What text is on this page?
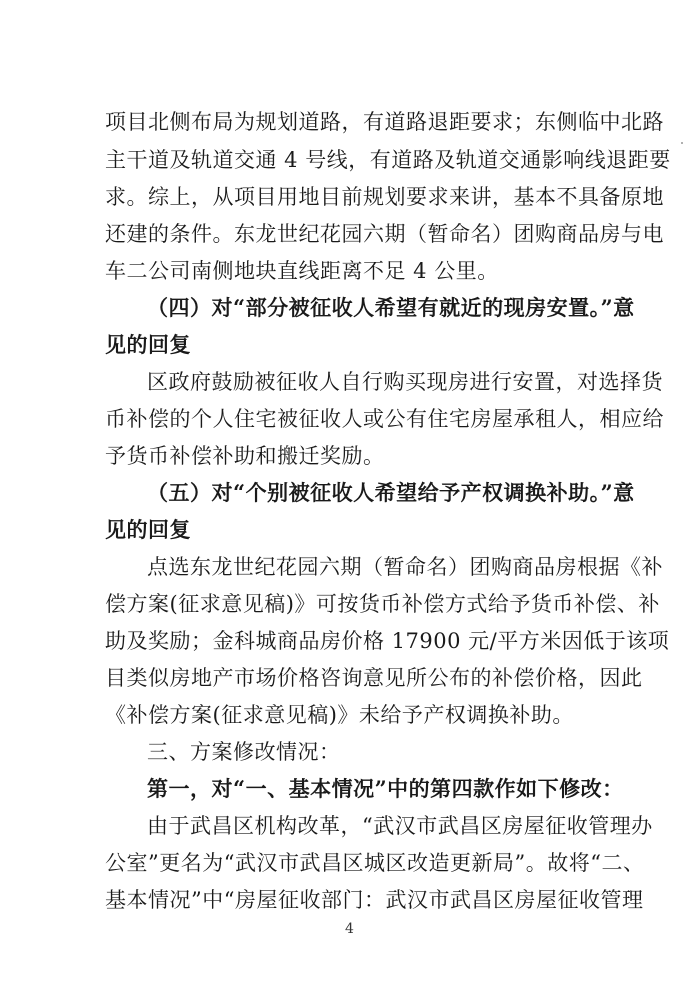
项目北侧布局为规划道路，有道路退距要求；东侧临中北路
主干道及轨道交通 4 号线，有道路及轨道交通影响线退距要
求。综上，从项目用地目前规划要求来讲，基本不具备原地
还建的条件。东龙世纪花园六期（暂命名）团购商品房与电
车二公司南侧地块直线距离不足 4 公里。
（四）对“部分被征收人希望有就近的现房安置。”意
见的回复
区政府鼓励被征收人自行购买现房进行安置，对选择货
币补偿的个人住宅被征收人或公有住宅房屋承租人，相应给
予货币补偿补助和搬迁奖励。
（五）对“个别被征收人希望给予产权调换补助。”意
见的回复
点选东龙世纪花园六期（暂命名）团购商品房根据《补
偿方案(征求意见稿)》可按货币补偿方式给予货币补偿、补
助及奖励；金科城商品房价格 17900 元/平方米因低于该项
目类似房地产市场价格咨询意见所公布的补偿价格，因此
《补偿方案(征求意见稿)》未给予产权调换补助。
三、方案修改情况：
第一，对“一、基本情况”中的第四款作如下修改：
由于武昌区机构改革，“武汉市武昌区房屋征收管理办
公室”更名为“武汉市武昌区城区改造更新局”。故将“二、
基本情况”中“房屋征收部门：武汉市武昌区房屋征收管理
4
